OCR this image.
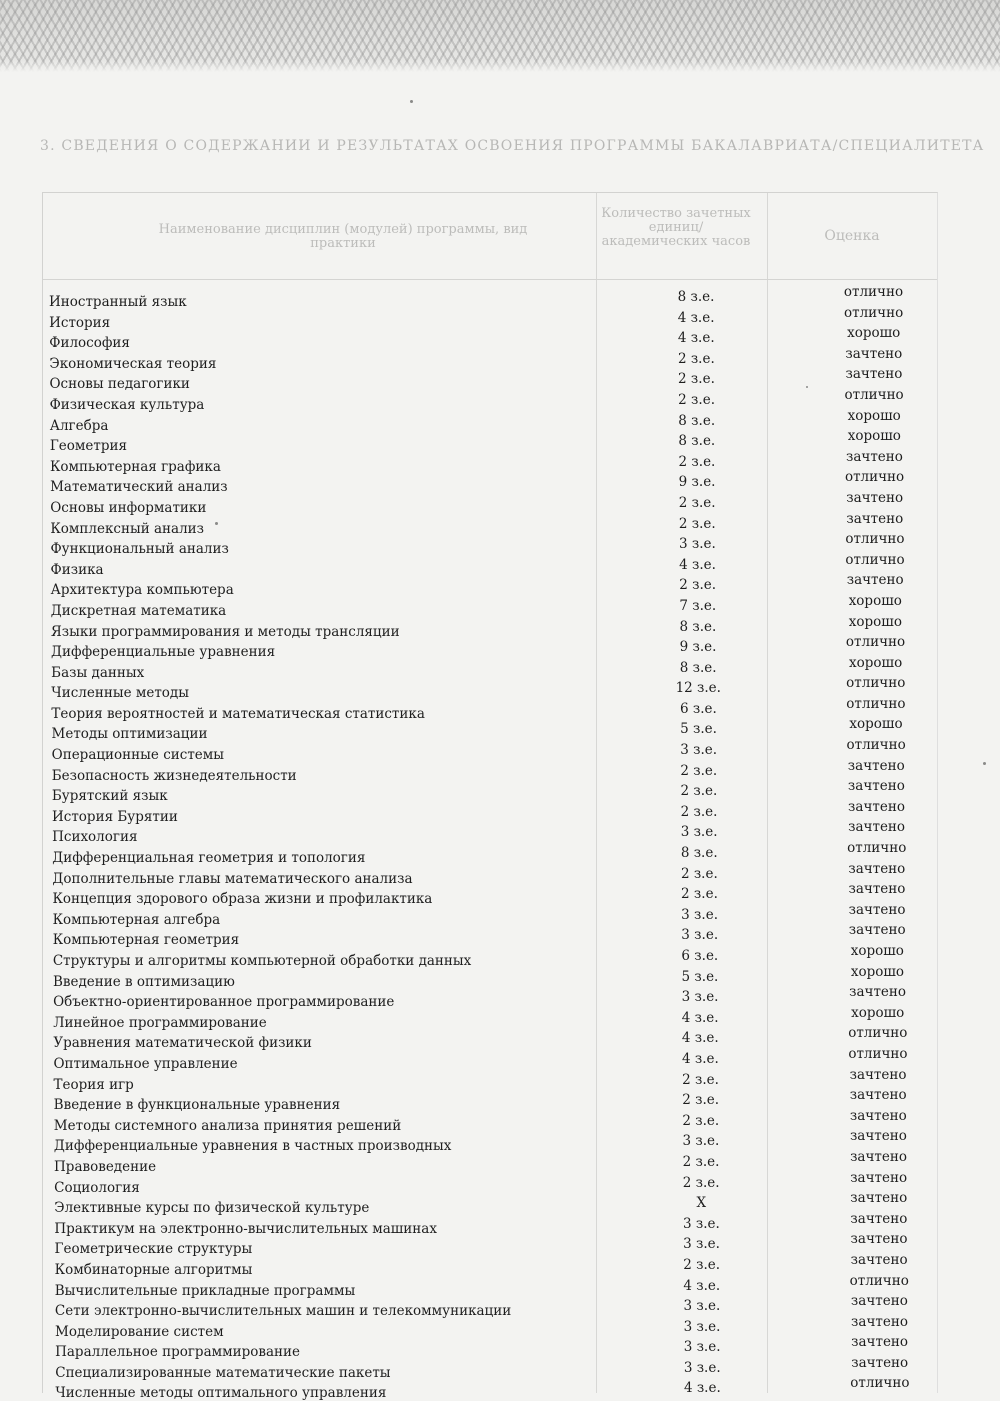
3. СВЕДЕНИЯ О СОДЕРЖАНИИ И РЕЗУЛЬТАТАХ ОСВОЕНИЯ ПРОГРАММЫ БАКАЛАВРИАТА/СПЕЦИАЛИТЕТА
Наименование дисциплин (модулей) программы, вид практики
Количество зачетных единиц/ академических часов	Оценка
Иностранный язык	8 з.е.	отлично
История	4 з.е.	отлично
Философия	4 з.е.	хорошо
Экономическая теория	2 з.е.	зачтено
Основы педагогики	2 з.е.	зачтено
Физическая культура	2 з.е.	отлично
Алгебра	8 з.е.	хорошо
Геометрия	8 з.е.	хорошо
Компьютерная графика	2 з.е.	зачтено
Математический анализ	9 з.е.	отлично
Основы информатики	2 з.е.	зачтено
Комплексный анализ	2 з.е.	зачтено
Функциональный анализ	3 з.е.	отлично
Физика	4 з.е.	отлично
Архитектура компьютера	2 з.е.	зачтено
Дискретная математика	7 з.е.	хорошо
Языки программирования и методы трансляции	8 з.е.	хорошо
Дифференциальные уравнения	9 з.е.	отлично
Базы данных	8 з.е.	хорошо
Численные методы	12 з.е.	отлично
Теория вероятностей и математическая статистика	6 з.е.	отлично
Методы оптимизации	5 з.е.	хорошо
Операционные системы	3 з.е.	отлично
Безопасность жизнедеятельности	2 з.е.	зачтено
Бурятский язык	2 з.е.	зачтено
История Бурятии	2 з.е.	зачтено
Психология	3 з.е.	зачтено
Дифференциальная геометрия и топология	8 з.е.	отлично
Дополнительные главы математического анализа	2 з.е.	зачтено
Концепция здорового образа жизни и профилактика	2 з.е.	зачтено
Компьютерная алгебра	3 з.е.	зачтено
Компьютерная геометрия	3 з.е.	зачтено
Структуры и алгоритмы компьютерной обработки данных	6 з.е.	хорошо
Введение в оптимизацию	5 з.е.	хорошо
Объектно-ориентированное программирование	3 з.е.	зачтено
Линейное программирование	4 з.е.	хорошо
Уравнения математической физики	4 з.е.	отлично
Оптимальное управление	4 з.е.	отлично
Теория игр	2 з.е.	зачтено
Введение в функциональные уравнения	2 з.е.	зачтено
Методы системного анализа принятия решений	2 з.е.	зачтено
Дифференциальные уравнения в частных производных	3 з.е.	зачтено
Правоведение	2 з.е.	зачтено
Социология	2 з.е.	зачтено
Элективные курсы по физической культуре	X	зачтено
Практикум на электронно-вычислительных машинах	3 з.е.	зачтено
Геометрические структуры	3 з.е.	зачтено
Комбинаторные алгоритмы	2 з.е.	зачтено
Вычислительные прикладные программы	4 з.е.	отлично
Сети электронно-вычислительных машин и телекоммуникации	3 з.е.	зачтено
Моделирование систем	3 з.е.	зачтено
Параллельное программирование	3 з.е.	зачтено
Специализированные математические пакеты	3 з.е.	зачтено
Численные методы оптимального управления	4 з.е.	отлично
